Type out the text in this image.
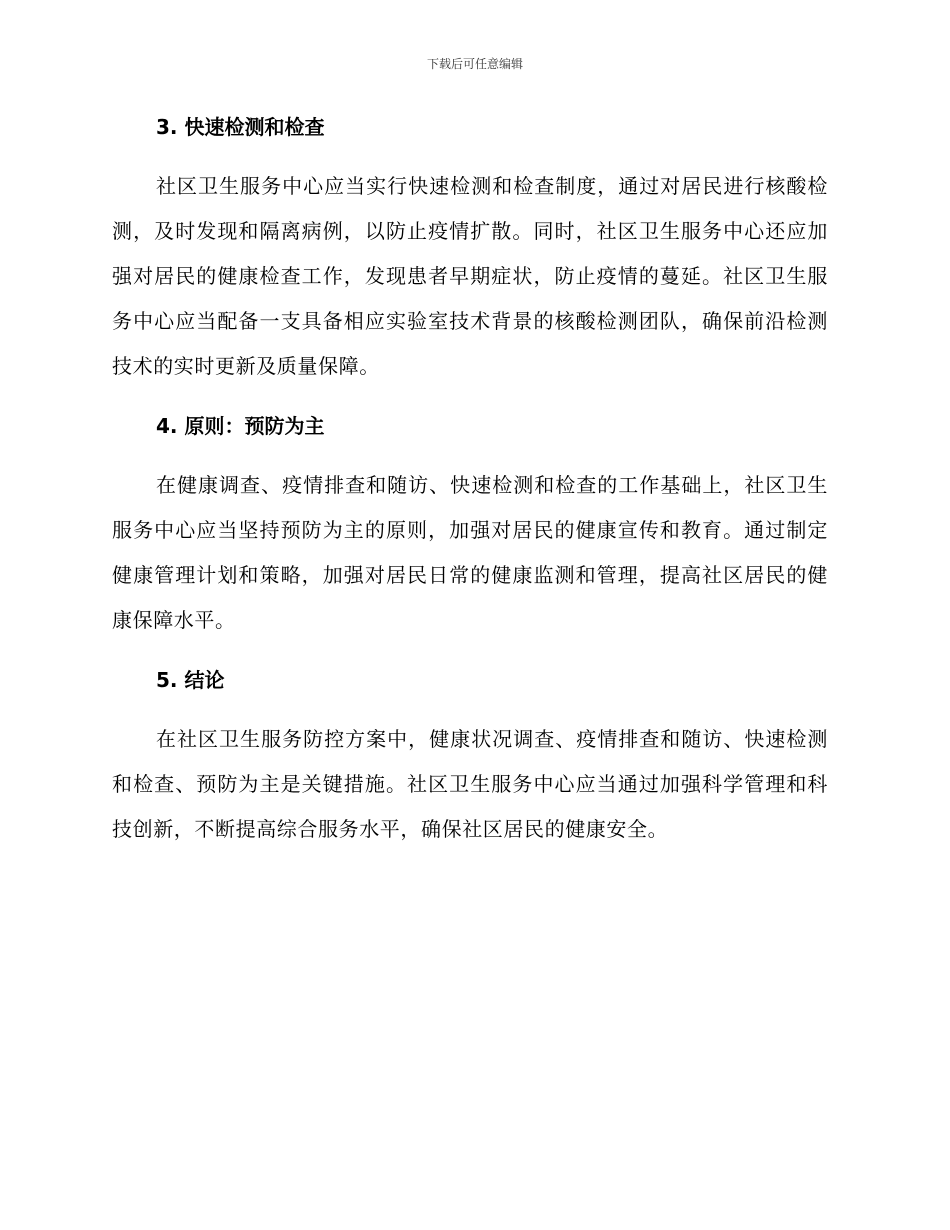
下载后可任意编辑
3. 快速检测和检查

社区卫生服务中心应当实行快速检测和检查制度，通过对居民进行核酸检测，及时发现和隔离病例，以防止疫情扩散。同时，社区卫生服务中心还应加强对居民的健康检查工作，发现患者早期症状，防止疫情的蔓延。社区卫生服务中心应当配备一支具备相应实验室技术背景的核酸检测团队，确保前沿检测技术的实时更新及质量保障。

4. 原则：预防为主

在健康调查、疫情排查和随访、快速检测和检查的工作基础上，社区卫生服务中心应当坚持预防为主的原则，加强对居民的健康宣传和教育。通过制定健康管理计划和策略，加强对居民日常的健康监测和管理，提高社区居民的健康保障水平。

5. 结论

在社区卫生服务防控方案中，健康状况调查、疫情排查和随访、快速检测和检查、预防为主是关键措施。社区卫生服务中心应当通过加强科学管理和科技创新，不断提高综合服务水平，确保社区居民的健康安全。
